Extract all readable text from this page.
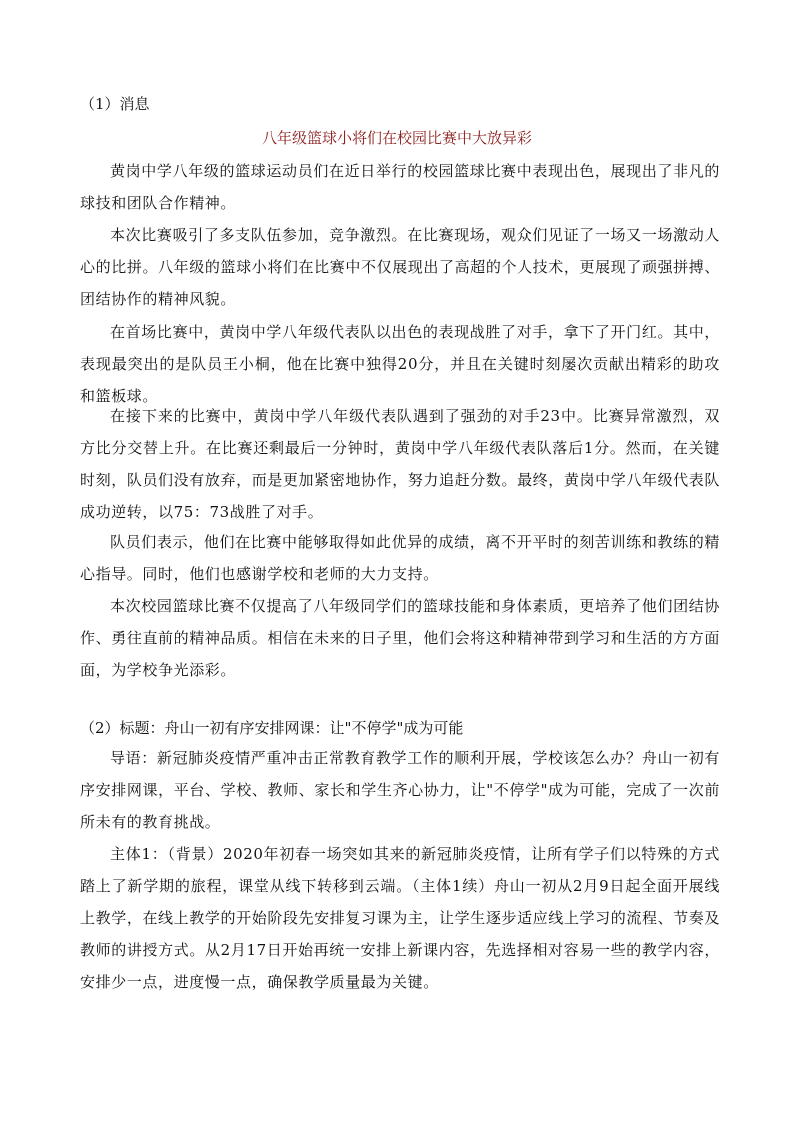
（1）消息
八年级篮球小将们在校园比赛中大放异彩
黄岗中学八年级的篮球运动员们在近日举行的校园篮球比赛中表现出色，展现出了非凡的球技和团队合作精神。
本次比赛吸引了多支队伍参加，竞争激烈。在比赛现场，观众们见证了一场又一场激动人心的比拼。八年级的篮球小将们在比赛中不仅展现出了高超的个人技术，更展现了顽强拼搏、团结协作的精神风貌。
在首场比赛中，黄岗中学八年级代表队以出色的表现战胜了对手，拿下了开门红。其中，表现最突出的是队员王小桐，他在比赛中独得20分，并且在关键时刻屡次贡献出精彩的助攻和篮板球。
在接下来的比赛中，黄岗中学八年级代表队遇到了强劲的对手23中。比赛异常激烈，双方比分交替上升。在比赛还剩最后一分钟时，黄岗中学八年级代表队落后1分。然而，在关键时刻，队员们没有放弃，而是更加紧密地协作，努力追赶分数。最终，黄岗中学八年级代表队成功逆转，以75：73战胜了对手。
队员们表示，他们在比赛中能够取得如此优异的成绩，离不开平时的刻苦训练和教练的精心指导。同时，他们也感谢学校和老师的大力支持。
本次校园篮球比赛不仅提高了八年级同学们的篮球技能和身体素质，更培养了他们团结协作、勇往直前的精神品质。相信在未来的日子里，他们会将这种精神带到学习和生活的方方面面，为学校争光添彩。
（2）标题：舟山一初有序安排网课：让"不停学"成为可能
导语：新冠肺炎疫情严重冲击正常教育教学工作的顺利开展，学校该怎么办？舟山一初有序安排网课，平台、学校、教师、家长和学生齐心协力，让"不停学"成为可能，完成了一次前所未有的教育挑战。
主体1：（背景）2020年初春一场突如其来的新冠肺炎疫情，让所有学子们以特殊的方式踏上了新学期的旅程，课堂从线下转移到云端。（主体1续）舟山一初从2月9日起全面开展线上教学，在线上教学的开始阶段先安排复习课为主，让学生逐步适应线上学习的流程、节奏及教师的讲授方式。从2月17日开始再统一安排上新课内容，先选择相对容易一些的教学内容，安排少一点，进度慢一点，确保教学质量最为关键。
